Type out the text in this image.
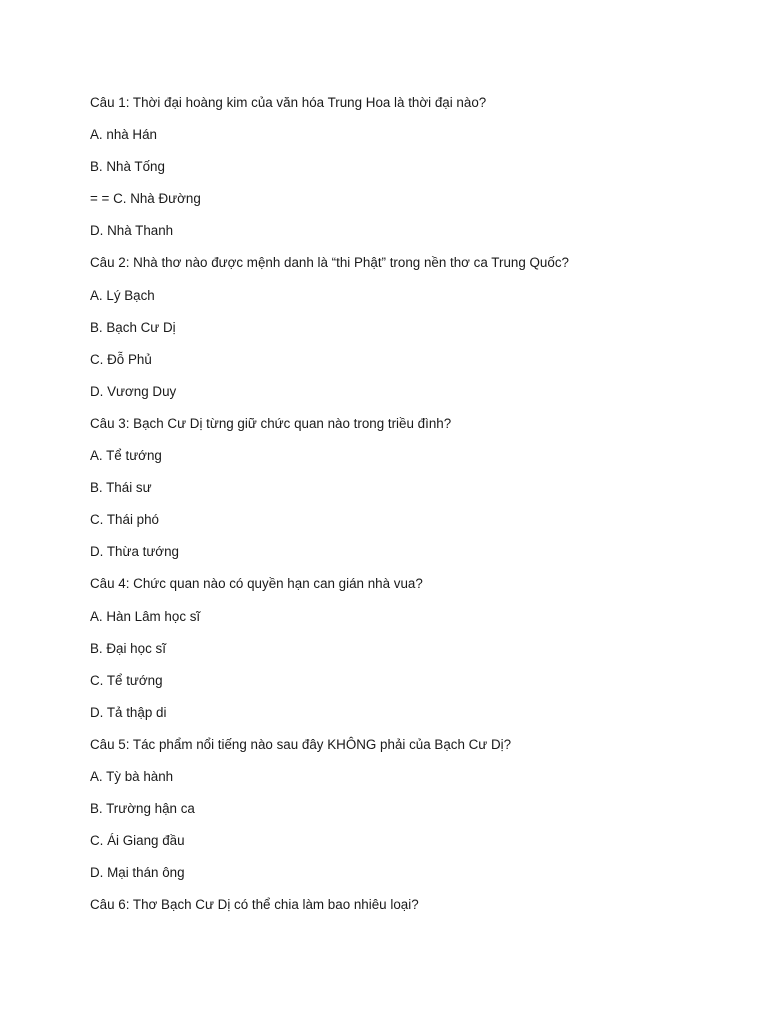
Câu 1: Thời đại hoàng kim của văn hóa Trung Hoa là thời đại nào?
A. nhà Hán
B. Nhà Tống
= = C. Nhà Đường
D. Nhà Thanh
Câu 2: Nhà thơ nào được mệnh danh là “thi Phật” trong nền thơ ca Trung Quốc?
A. Lý Bạch
B. Bạch Cư Dị
C. Đỗ Phủ
D. Vương Duy
Câu 3: Bạch Cư Dị từng giữ chức quan nào trong triều đình?
A. Tể tướng
B. Thái sư
C. Thái phó
D. Thừa tướng
Câu 4: Chức quan nào có quyền hạn can gián nhà vua?
A. Hàn Lâm học sĩ
B. Đại học sĩ
C. Tể tướng
D. Tả thập di
Câu 5: Tác phẩm nổi tiếng nào sau đây KHÔNG phải của Bạch Cư Dị?
A. Tỳ bà hành
B. Trường hận ca
C. Ái Giang đầu
D. Mại thán ông
Câu 6: Thơ Bạch Cư Dị có thể chia làm bao nhiêu loại?
